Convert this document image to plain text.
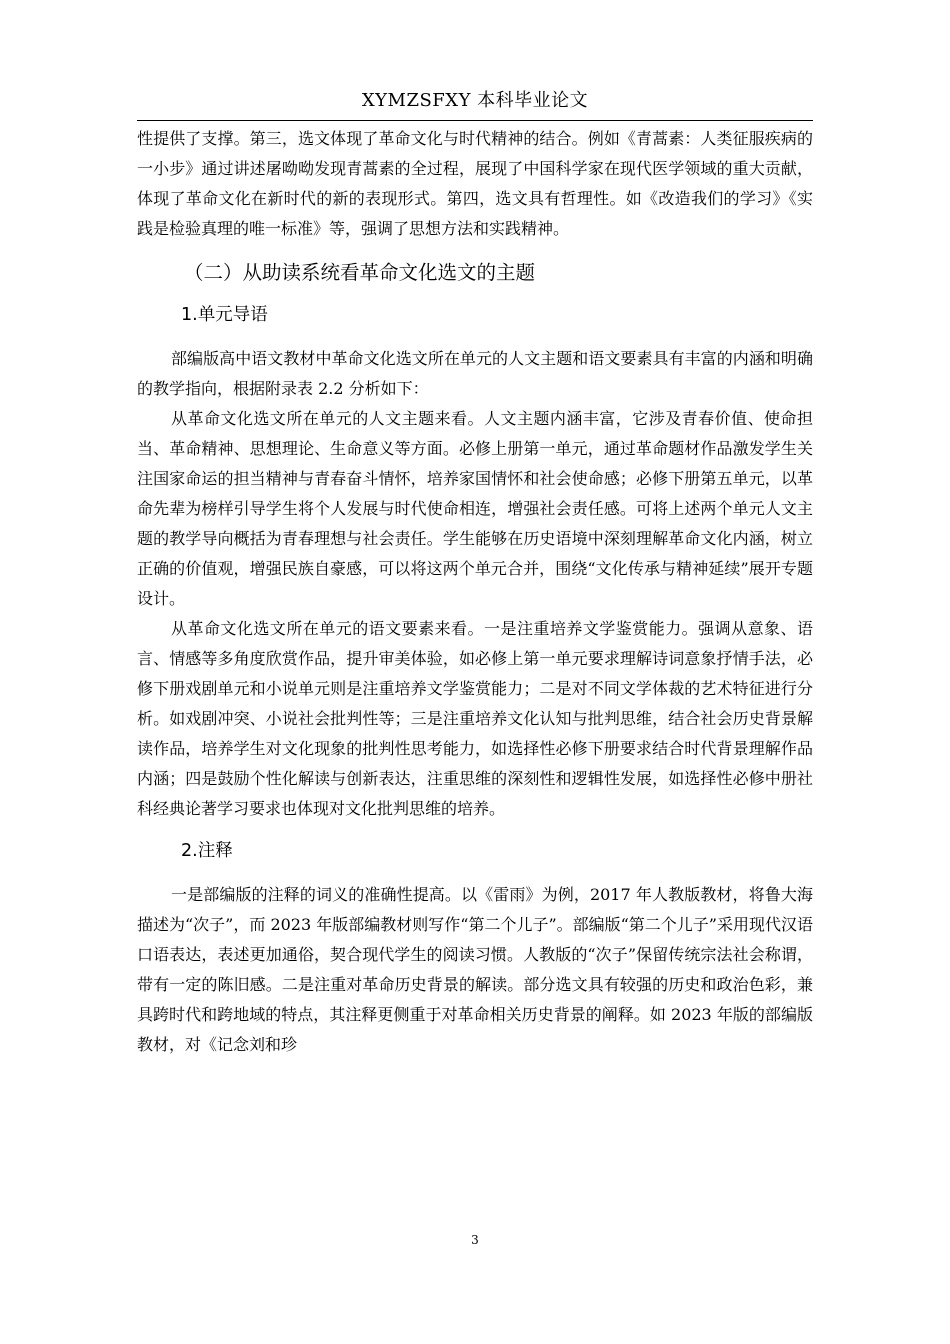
XYMZSFXY 本科毕业论文

性提供了支撑。第三，选文体现了革命文化与时代精神的结合。例如《青蒿素：人类征服疾病的一小步》通过讲述屠呦呦发现青蒿素的全过程，展现了中国科学家在现代医学领域的重大贡献，体现了革命文化在新时代的新的表现形式。第四，选文具有哲理性。如《改造我们的学习》《实践是检验真理的唯一标准》等，强调了思想方法和实践精神。

（二）从助读系统看革命文化选文的主题
1.单元导语

部编版高中语文教材中革命文化选文所在单元的人文主题和语文要素具有丰富的内涵和明确的教学指向，根据附录表 2.2 分析如下：

从革命文化选文所在单元的人文主题来看。人文主题内涵丰富，它涉及青春价值、使命担当、革命精神、思想理论、生命意义等方面。必修上册第一单元，通过革命题材作品激发学生关注国家命运的担当精神与青春奋斗情怀，培养家国情怀和社会使命感；必修下册第五单元，以革命先辈为榜样引导学生将个人发展与时代使命相连，增强社会责任感。可将上述两个单元人文主题的教学导向概括为青春理想与社会责任。学生能够在历史语境中深刻理解革命文化内涵，树立正确的价值观，增强民族自豪感，可以将这两个单元合并，围绕“文化传承与精神延续”展开专题设计。

从革命文化选文所在单元的语文要素来看。一是注重培养文学鉴赏能力。强调从意象、语言、情感等多角度欣赏作品，提升审美体验，如必修上第一单元要求理解诗词意象抒情手法，必修下册戏剧单元和小说单元则是注重培养文学鉴赏能力；二是对不同文学体裁的艺术特征进行分析。如戏剧冲突、小说社会批判性等；三是注重培养文化认知与批判思维，结合社会历史背景解读作品，培养学生对文化现象的批判性思考能力，如选择性必修下册要求结合时代背景理解作品内涵；四是鼓励个性化解读与创新表达，注重思维的深刻性和逻辑性发展，如选择性必修中册社科经典论著学习要求也体现对文化批判思维的培养。

2.注释

一是部编版的注释的词义的准确性提高。以《雷雨》为例，2017 年人教版教材，将鲁大海描述为“次子”，而 2023 年版部编教材则写作“第二个儿子”。部编版“第二个儿子”采用现代汉语口语表达，表述更加通俗，契合现代学生的阅读习惯。人教版的“次子”保留传统宗法社会称谓，带有一定的陈旧感。二是注重对革命历史背景的解读。部分选文具有较强的历史和政治色彩，兼具跨时代和跨地域的特点，其注释更侧重于对革命相关历史背景的阐释。如 2023 年版的部编版教材，对《记念刘和珍

3
